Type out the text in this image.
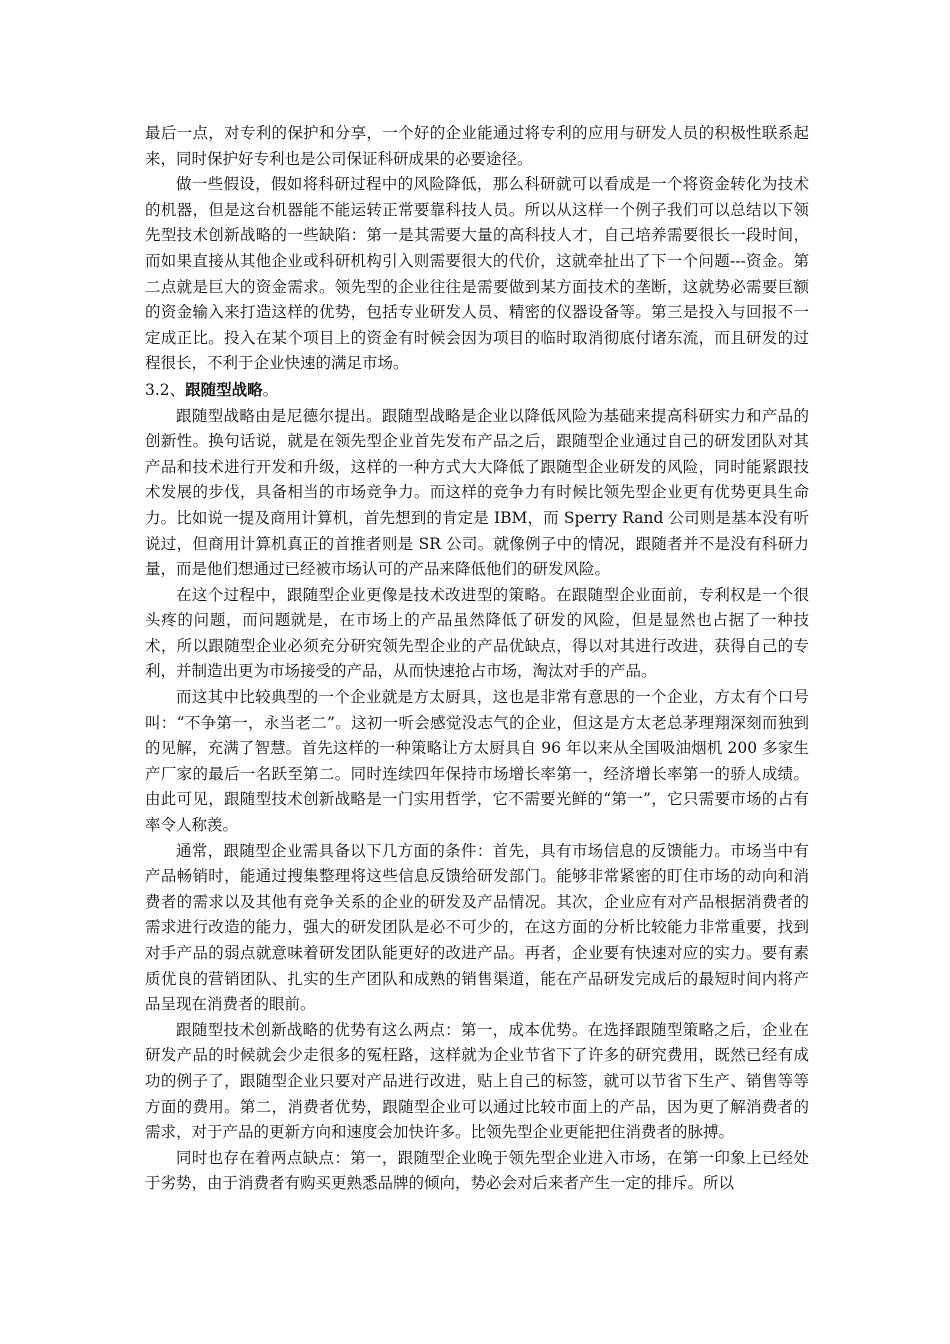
最后一点，对专利的保护和分享，一个好的企业能通过将专利的应用与研发人员的积极性联系起来，同时保护好专利也是公司保证科研成果的必要途径。

做一些假设，假如将科研过程中的风险降低，那么科研就可以看成是一个将资金转化为技术的机器，但是这台机器能不能运转正常要靠科技人员。所以从这样一个例子我们可以总结以下领先型技术创新战略的一些缺陷：第一是其需要大量的高科技人才，自己培养需要很长一段时间，而如果直接从其他企业或科研机构引入则需要很大的代价，这就牵扯出了下一个问题---资金。第二点就是巨大的资金需求。领先型的企业往往是需要做到某方面技术的垄断，这就势必需要巨额的资金输入来打造这样的优势，包括专业研发人员、精密的仪器设备等。第三是投入与回报不一定成正比。投入在某个项目上的资金有时候会因为项目的临时取消彻底付诸东流，而且研发的过程很长，不利于企业快速的满足市场。

3.2、跟随型战略。

跟随型战略由是尼德尔提出。跟随型战略是企业以降低风险为基础来提高科研实力和产品的创新性。换句话说，就是在领先型企业首先发布产品之后，跟随型企业通过自己的研发团队对其产品和技术进行开发和升级，这样的一种方式大大降低了跟随型企业研发的风险，同时能紧跟技术发展的步伐，具备相当的市场竞争力。而这样的竞争力有时候比领先型企业更有优势更具生命力。比如说一提及商用计算机，首先想到的肯定是 IBM，而 Sperry Rand 公司则是基本没有听说过，但商用计算机真正的首推者则是 SR 公司。就像例子中的情况，跟随者并不是没有科研力量，而是他们想通过已经被市场认可的产品来降低他们的研发风险。

在这个过程中，跟随型企业更像是技术改进型的策略。在跟随型企业面前，专利权是一个很头疼的问题，而问题就是，在市场上的产品虽然降低了研发的风险，但是显然也占据了一种技术，所以跟随型企业必须充分研究领先型企业的产品优缺点，得以对其进行改进，获得自己的专利，并制造出更为市场接受的产品，从而快速抢占市场，淘汰对手的产品。

而这其中比较典型的一个企业就是方太厨具，这也是非常有意思的一个企业，方太有个口号叫：“不争第一，永当老二”。这初一听会感觉没志气的企业，但这是方太老总茅理翔深刻而独到的见解，充满了智慧。首先这样的一种策略让方太厨具自 96 年以来从全国吸油烟机 200 多家生产厂家的最后一名跃至第二。同时连续四年保持市场增长率第一，经济增长率第一的骄人成绩。由此可见，跟随型技术创新战略是一门实用哲学，它不需要光鲜的“第一”，它只需要市场的占有率令人称羡。

通常，跟随型企业需具备以下几方面的条件：首先，具有市场信息的反馈能力。市场当中有产品畅销时，能通过搜集整理将这些信息反馈给研发部门。能够非常紧密的盯住市场的动向和消费者的需求以及其他有竞争关系的企业的研发及产品情况。其次，企业应有对产品根据消费者的需求进行改造的能力，强大的研发团队是必不可少的，在这方面的分析比较能力非常重要，找到对手产品的弱点就意味着研发团队能更好的改进产品。再者，企业要有快速对应的实力。要有素质优良的营销团队、扎实的生产团队和成熟的销售渠道，能在产品研发完成后的最短时间内将产品呈现在消费者的眼前。

跟随型技术创新战略的优势有这么两点：第一，成本优势。在选择跟随型策略之后，企业在研发产品的时候就会少走很多的冤枉路，这样就为企业节省下了许多的研究费用，既然已经有成功的例子了，跟随型企业只要对产品进行改进，贴上自己的标签，就可以节省下生产、销售等等方面的费用。第二，消费者优势，跟随型企业可以通过比较市面上的产品，因为更了解消费者的需求，对于产品的更新方向和速度会加快许多。比领先型企业更能把住消费者的脉搏。

同时也存在着两点缺点：第一，跟随型企业晚于领先型企业进入市场，在第一印象上已经处于劣势，由于消费者有购买更熟悉品牌的倾向，势必会对后来者产生一定的排斥。所以
